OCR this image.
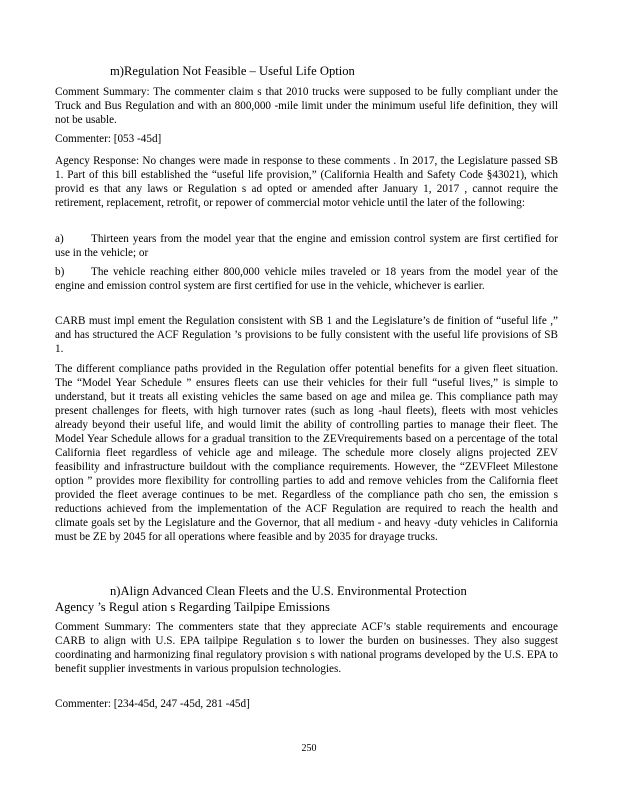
m)Regulation Not Feasible – Useful Life Option

Comment Summary: The commenter claim s that 2010 trucks were supposed to be fully compliant under the Truck and Bus Regulation and with an 800,000 -mile limit under the minimum useful life definition, they will not be usable.

Commenter: [053 -45d]

Agency Response: No changes were made in response to these comments . In 2017, the Legislature passed SB 1. Part of this bill established the “useful life provision,” (California Health and Safety Code §43021), which provid es that any laws or Regulation s ad opted or amended after January 1, 2017 , cannot require the retirement, replacement, retrofit, or repower of commercial motor vehicle until the later of the following:

a) Thirteen years from the model year that the engine and emission control system are first certified for use in the vehicle; or

b) The vehicle reaching either 800,000 vehicle miles traveled or 18 years from the model year of the engine and emission control system are first certified for use in the vehicle, whichever is earlier.

CARB must impl ement the Regulation consistent with SB 1 and the Legislature’s de finition of “useful life ,” and has structured the ACF Regulation ’s provisions to be fully consistent with the useful life provisions of SB 1.

The different compliance paths provided in the Regulation offer potential benefits for a given fleet situation. The “Model Year Schedule ” ensures fleets can use their vehicles for their full “useful lives,” is simple to understand, but it treats all existing vehicles the same based on age and milea ge. This compliance path may present challenges for fleets, with high turnover rates (such as long -haul fleets), fleets with most vehicles already beyond their useful life, and would limit the ability of controlling parties to manage their fleet. The Model Year Schedule allows for a gradual transition to the ZEVrequirements based on a percentage of the total California fleet regardless of vehicle age and mileage. The schedule more closely aligns projected ZEV feasibility and infrastructure buildout with the compliance requirements. However, the “ZEVFleet Milestone option ” provides more flexibility for controlling parties to add and remove vehicles from the California fleet provided the fleet average continues to be met. Regardless of the compliance path cho sen, the emission s reductions achieved from the implementation of the ACF Regulation are required to reach the health and climate goals set by the Legislature and the Governor, that all medium - and heavy -duty vehicles in California must be ZE by 2045 for all operations where feasible and by 2035 for drayage trucks.

n)Align Advanced Clean Fleets and the U.S. Environmental Protection
Agency ’s Regul ation s Regarding Tailpipe Emissions

Comment Summary: The commenters state that they appreciate ACF’s stable requirements and encourage CARB to align with U.S. EPA tailpipe Regulation s to lower the burden on businesses. They also suggest coordinating and harmonizing final regulatory provision s with national programs developed by the U.S. EPA to benefit supplier investments in various propulsion technologies.

Commenter: [234-45d, 247 -45d, 281 -45d]

250
